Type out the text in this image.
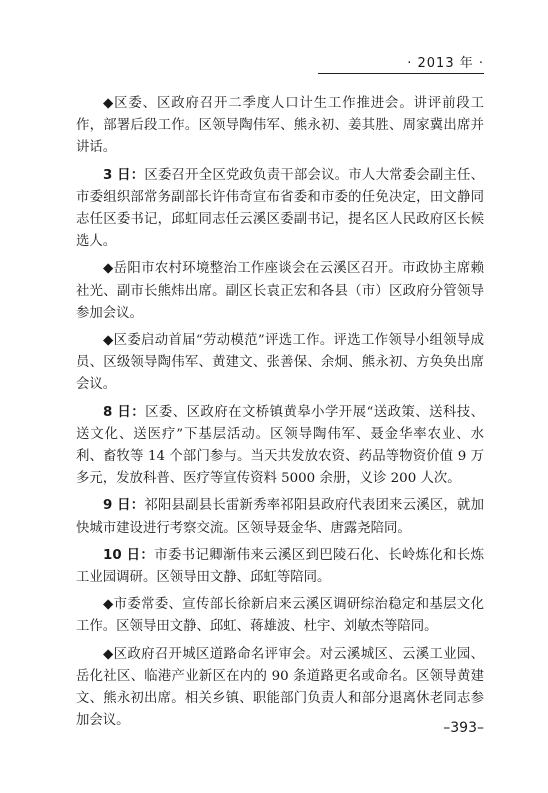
· 2013 年 ·

◆区委、区政府召开二季度人口计生工作推进会。讲评前段工作，部署后段工作。区领导陶伟军、熊永初、姜其胜、周家冀出席并讲话。

3 日：区委召开全区党政负责干部会议。市人大常委会副主任、市委组织部常务副部长许伟奇宣布省委和市委的任免决定，田文静同志任区委书记，邱虹同志任云溪区委副书记，提名区人民政府区长候选人。

◆岳阳市农村环境整治工作座谈会在云溪区召开。市政协主席赖社光、副市长熊炜出席。副区长袁正宏和各县（市）区政府分管领导参加会议。

◆区委启动首届“劳动模范”评选工作。评选工作领导小组领导成员、区级领导陶伟军、黄建文、张善保、余炯、熊永初、方奂奂出席会议。

8 日：区委、区政府在文桥镇黄皋小学开展“送政策、送科技、送文化、送医疗”下基层活动。区领导陶伟军、聂金华率农业、水利、畜牧等 14 个部门参与。当天共发放农资、药品等物资价值 9 万多元，发放科普、医疗等宣传资料 5000 余册，义诊 200 人次。

9 日：祁阳县副县长雷新秀率祁阳县政府代表团来云溪区，就加快城市建设进行考察交流。区领导聂金华、唐露尧陪同。

10 日：市委书记卿渐伟来云溪区到巴陵石化、长岭炼化和长炼工业园调研。区领导田文静、邱虹等陪同。

◆市委常委、宣传部长徐新启来云溪区调研综治稳定和基层文化工作。区领导田文静、邱虹、蒋雄波、杜宇、刘敏杰等陪同。

◆区政府召开城区道路命名评审会。对云溪城区、云溪工业园、岳化社区、临港产业新区在内的 90 条道路更名或命名。区领导黄建文、熊永初出席。相关乡镇、职能部门负责人和部分退离休老同志参加会议。	–393–
